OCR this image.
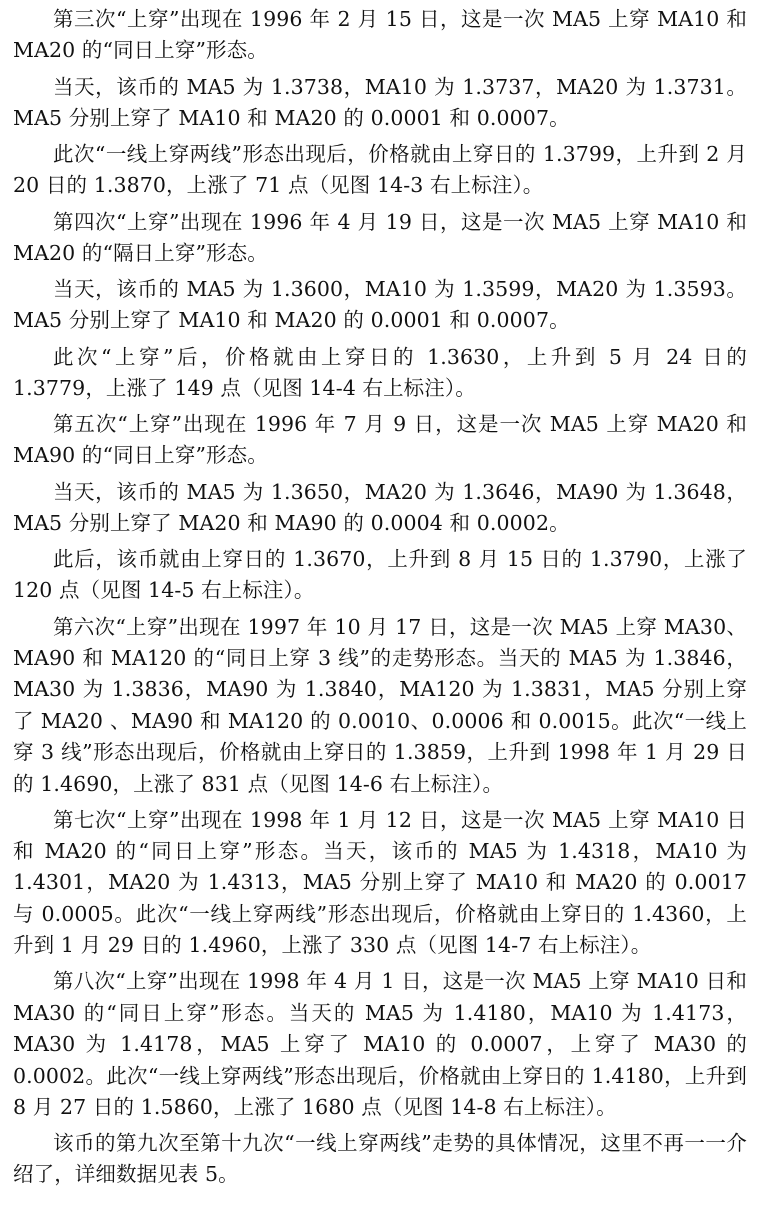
第三次“上穿”出现在 1996 年 2 月 15 日，这是一次 MA5 上穿 MA10 和 MA20 的“同日上穿”形态。

当天，该币的 MA5 为 1.3738，MA10 为 1.3737，MA20 为 1.3731。MA5 分别上穿了 MA10 和 MA20 的 0.0001 和 0.0007。

此次“一线上穿两线”形态出现后，价格就由上穿日的 1.3799，上升到 2 月 20 日的 1.3870，上涨了 71 点（见图 14-3 右上标注）。

第四次“上穿”出现在 1996 年 4 月 19 日，这是一次 MA5 上穿 MA10 和 MA20 的“隔日上穿”形态。

当天，该币的 MA5 为 1.3600，MA10 为 1.3599，MA20 为 1.3593。MA5 分别上穿了 MA10 和 MA20 的 0.0001 和 0.0007。

此次“上穿”后，价格就由上穿日的 1.3630，上升到 5 月 24 日的 1.3779，上涨了 149 点（见图 14-4 右上标注）。

第五次“上穿”出现在 1996 年 7 月 9 日，这是一次 MA5 上穿 MA20 和 MA90 的“同日上穿”形态。

当天，该币的 MA5 为 1.3650，MA20 为 1.3646，MA90 为 1.3648，MA5 分别上穿了 MA20 和 MA90 的 0.0004 和 0.0002。

此后，该币就由上穿日的 1.3670，上升到 8 月 15 日的 1.3790，上涨了 120 点（见图 14-5 右上标注）。

第六次“上穿”出现在 1997 年 10 月 17 日，这是一次 MA5 上穿 MA30、MA90 和 MA120 的“同日上穿 3 线”的走势形态。当天的 MA5 为 1.3846，MA30 为 1.3836，MA90 为 1.3840，MA120 为 1.3831，MA5 分别上穿了 MA20 、MA90 和 MA120 的 0.0010、0.0006 和 0.0015。此次“一线上穿 3 线”形态出现后，价格就由上穿日的 1.3859，上升到 1998 年 1 月 29 日的 1.4690，上涨了 831 点（见图 14-6 右上标注）。

第七次“上穿”出现在 1998 年 1 月 12 日，这是一次 MA5 上穿 MA10 日和 MA20 的“同日上穿”形态。当天，该币的 MA5 为 1.4318，MA10 为 1.4301，MA20 为 1.4313，MA5 分别上穿了 MA10 和 MA20 的 0.0017 与 0.0005。此次“一线上穿两线”形态出现后，价格就由上穿日的 1.4360，上升到 1 月 29 日的 1.4960，上涨了 330 点（见图 14-7 右上标注）。

第八次“上穿”出现在 1998 年 4 月 1 日，这是一次 MA5 上穿 MA10 日和 MA30 的“同日上穿”形态。当天的 MA5 为 1.4180，MA10 为 1.4173，MA30 为 1.4178，MA5 上穿了 MA10 的 0.0007，上穿了 MA30 的 0.0002。此次“一线上穿两线”形态出现后，价格就由上穿日的 1.4180，上升到 8 月 27 日的 1.5860，上涨了 1680 点（见图 14-8 右上标注）。

该币的第九次至第十九次“一线上穿两线”走势的具体情况，这里不再一一介绍了，详细数据见表 5。
